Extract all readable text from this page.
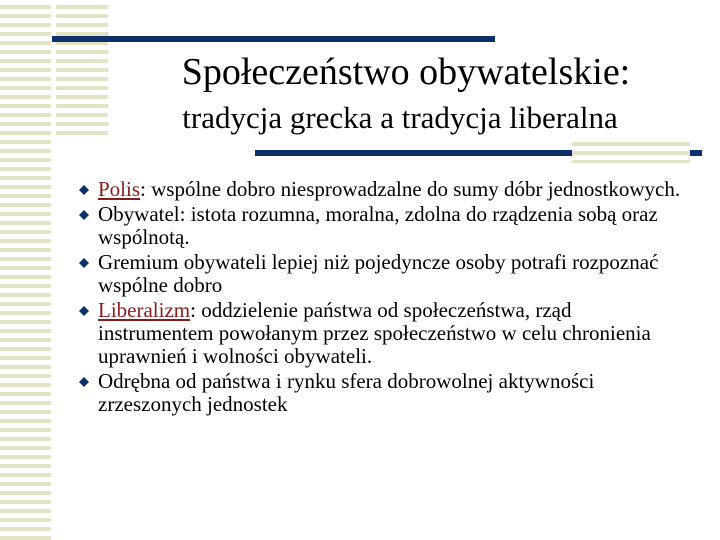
Społeczeństwo obywatelskie:
tradycja grecka a tradycja liberalna
Polis: wspólne dobro niesprowadzalne do sumy dóbr jednostkowych.
Obywatel: istota rozumna, moralna, zdolna do rządzenia sobą oraz wspólnotą.
Gremium obywateli lepiej niż pojedyncze osoby potrafi rozpoznać wspólne dobro
Liberalizm: oddzielenie państwa od społeczeństwa, rząd instrumentem powołanym przez społeczeństwo w celu chronienia uprawnień i wolności obywateli.
Odrębna od państwa i rynku sfera dobrowolnej aktywności zrzeszonych jednostek
